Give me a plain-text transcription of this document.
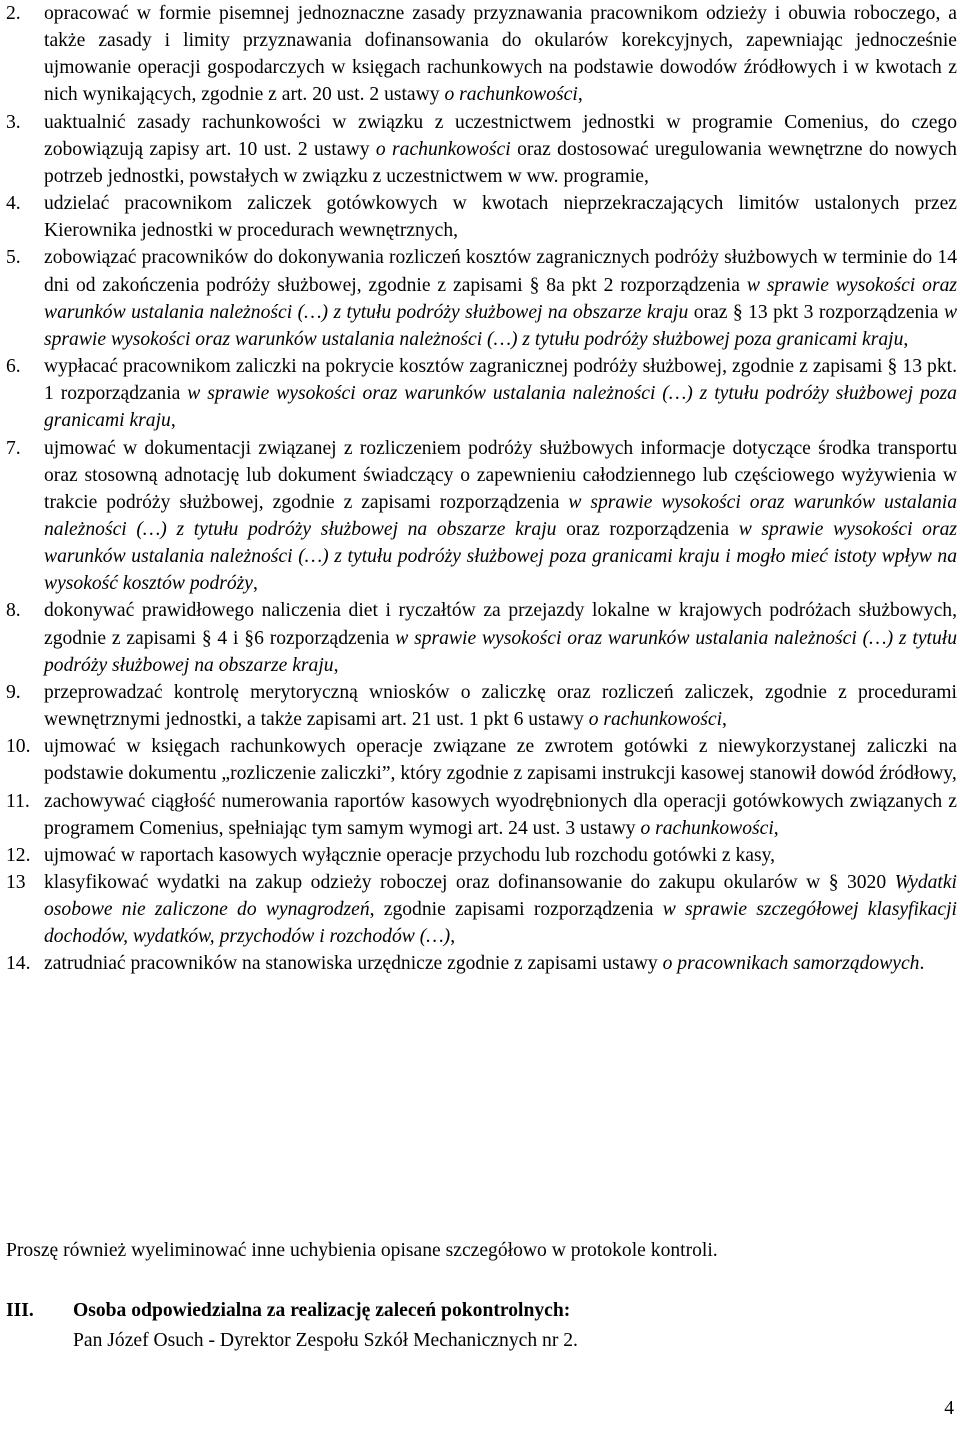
2. opracować w formie pisemnej jednoznaczne zasady przyznawania pracownikom odzieży i obuwia roboczego, a także zasady i limity przyznawania dofinansowania do okularów korekcyjnych, zapewniając jednocześnie ujmowanie operacji gospodarczych w księgach rachunkowych na podstawie dowodów źródłowych i w kwotach z nich wynikających, zgodnie z art. 20 ust. 2 ustawy o rachunkowości,
3. uaktualnić zasady rachunkowości w związku z uczestnictwem jednostki w programie Comenius, do czego zobowiązują zapisy art. 10 ust. 2 ustawy o rachunkowości oraz dostosować uregulowania wewnętrzne do nowych potrzeb jednostki, powstałych w związku z uczestnictwem w ww. programie,
4. udzielać pracownikom zaliczek gotówkowych w kwotach nieprzekraczających limitów ustalonych przez Kierownika jednostki w procedurach wewnętrznych,
5. zobowiązać pracowników do dokonywania rozliczeń kosztów zagranicznych podróży służbowych w terminie do 14 dni od zakończenia podróży służbowej, zgodnie z zapisami § 8a pkt 2 rozporządzenia w sprawie wysokości oraz warunków ustalania należności (…) z tytułu podróży służbowej na obszarze kraju oraz § 13 pkt 3 rozporządzenia w sprawie wysokości oraz warunków ustalania należności (…) z tytułu podróży służbowej poza granicami kraju,
6. wypłacać pracownikom zaliczki na pokrycie kosztów zagranicznej podróży służbowej, zgodnie z zapisami § 13 pkt. 1 rozporządzania w sprawie wysokości oraz warunków ustalania należności (…) z tytułu podróży służbowej poza granicami kraju,
7. ujmować w dokumentacji związanej z rozliczeniem podróży służbowych informacje dotyczące środka transportu oraz stosowną adnotację lub dokument świadczący o zapewnieniu całodziennego lub częściowego wyżywienia w trakcie podróży służbowej, zgodnie z zapisami rozporządzenia w sprawie wysokości oraz warunków ustalania należności (…) z tytułu podróży służbowej na obszarze kraju oraz rozporządzenia w sprawie wysokości oraz warunków ustalania należności (…) z tytułu podróży służbowej poza granicami kraju i mogło mieć istoty wpływ na wysokość kosztów podróży,
8. dokonywać prawidłowego naliczenia diet i ryczałtów za przejazdy lokalne w krajowych podróżach służbowych, zgodnie z zapisami § 4 i §6 rozporządzenia w sprawie wysokości oraz warunków ustalania należności (…) z tytułu podróży służbowej na obszarze kraju,
9. przeprowadzać kontrolę merytoryczną wniosków o zaliczkę oraz rozliczeń zaliczek, zgodnie z procedurami wewnętrznymi jednostki, a także zapisami art. 21 ust. 1 pkt 6 ustawy o rachunkowości,
10. ujmować w księgach rachunkowych operacje związane ze zwrotem gotówki z niewykorzystanej zaliczki na podstawie dokumentu „rozliczenie zaliczki”, który zgodnie z zapisami instrukcji kasowej stanowił dowód źródłowy,
11. zachowywać ciągłość numerowania raportów kasowych wyodrębnionych dla operacji gotówkowych związanych z programem Comenius, spełniając tym samym wymogi art. 24 ust. 3 ustawy o rachunkowości,
12. ujmować w raportach kasowych wyłącznie operacje przychodu lub rozchodu gotówki z kasy,
13 klasyfikować wydatki na zakup odzieży roboczej oraz dofinansowanie do zakupu okularów w § 3020 Wydatki osobowe nie zaliczone do wynagrodzeń, zgodnie zapisami rozporządzenia w sprawie szczegółowej klasyfikacji dochodów, wydatków, przychodów i rozchodów (…),
14. zatrudniać pracowników na stanowiska urzędnicze zgodnie z zapisami ustawy o pracownikach samorządowych.

Proszę również wyeliminować inne uchybienia opisane szczegółowo w protokole kontroli.

III. Osoba odpowiedzialna za realizację zaleceń pokontrolnych:
Pan Józef Osuch - Dyrektor Zespołu Szkół Mechanicznych nr 2.
4
